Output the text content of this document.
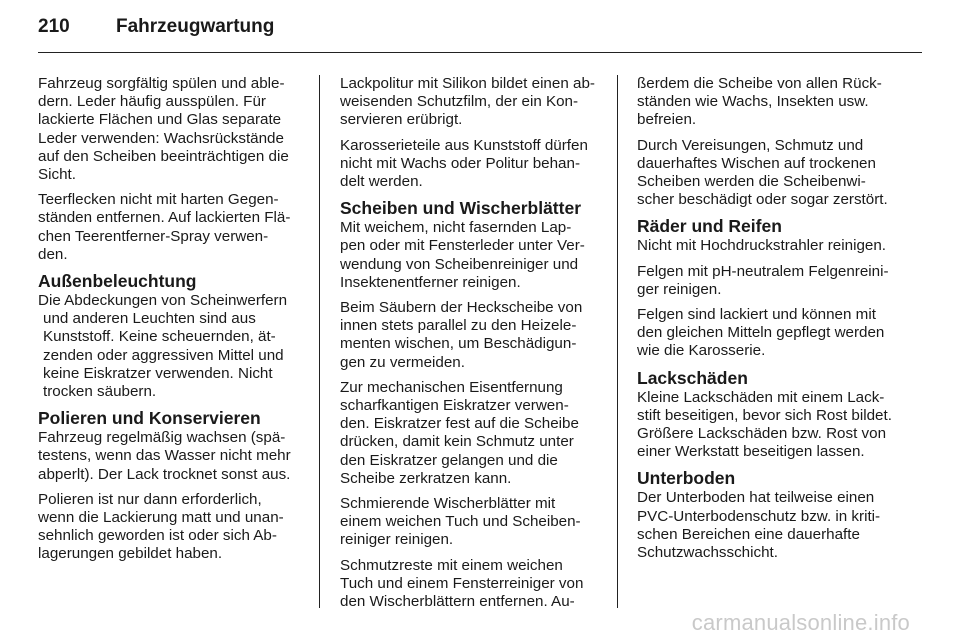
210	Fahrzeugwartung

Fahrzeug sorgfältig spülen und able-
dern. Leder häufig ausspülen. Für
lackierte Flächen und Glas separate
Leder verwenden: Wachsrückstände
auf den Scheiben beeinträchtigen die
Sicht.

Teerflecken nicht mit harten Gegen-
ständen entfernen. Auf lackierten Flä-
chen Teerentferner-Spray verwen-
den.

Außenbeleuchtung

Die Abdeckungen von Scheinwerfern
und anderen Leuchten sind aus
Kunststoff. Keine scheuernden, ät-
zenden oder aggressiven Mittel und
keine Eiskratzer verwenden. Nicht
trocken säubern.

Polieren und Konservieren

Fahrzeug regelmäßig wachsen (spä-
testens, wenn das Wasser nicht mehr
abperlt). Der Lack trocknet sonst aus.

Polieren ist nur dann erforderlich,
wenn die Lackierung matt und unan-
sehnlich geworden ist oder sich Ab-
lagerungen gebildet haben.

Lackpolitur mit Silikon bildet einen ab-
weisenden Schutzfilm, der ein Kon-
servieren erübrigt.

Karosserieteile aus Kunststoff dürfen
nicht mit Wachs oder Politur behan-
delt werden.

Scheiben und Wischerblätter

Mit weichem, nicht fasernden Lap-
pen oder mit Fensterleder unter Ver-
wendung von Scheibenreiniger und
Insektenentferner reinigen.

Beim Säubern der Heckscheibe von
innen stets parallel zu den Heizele-
menten wischen, um Beschädigun-
gen zu vermeiden.

Zur mechanischen Eisentfernung
scharfkantigen Eiskratzer verwen-
den. Eiskratzer fest auf die Scheibe
drücken, damit kein Schmutz unter
den Eiskratzer gelangen und die
Scheibe zerkratzen kann.

Schmierende Wischerblätter mit
einem weichen Tuch und Scheiben-
reiniger reinigen.

Schmutzreste mit einem weichen
Tuch und einem Fensterreiniger von
den Wischerblättern entfernen. Au-

ßerdem die Scheibe von allen Rück-
ständen wie Wachs, Insekten usw.
befreien.

Durch Vereisungen, Schmutz und
dauerhaftes Wischen auf trockenen
Scheiben werden die Scheibenwi-
scher beschädigt oder sogar zerstört.

Räder und Reifen

Nicht mit Hochdruckstrahler reinigen.

Felgen mit pH-neutralem Felgenreini-
ger reinigen.

Felgen sind lackiert und können mit
den gleichen Mitteln gepflegt werden
wie die Karosserie.

Lackschäden

Kleine Lackschäden mit einem Lack-
stift beseitigen, bevor sich Rost bildet.
Größere Lackschäden bzw. Rost von
einer Werkstatt beseitigen lassen.

Unterboden

Der Unterboden hat teilweise einen
PVC-Unterbodenschutz bzw. in kriti-
schen Bereichen eine dauerhafte
Schutzwachsschicht.

carmanualsonline.info
